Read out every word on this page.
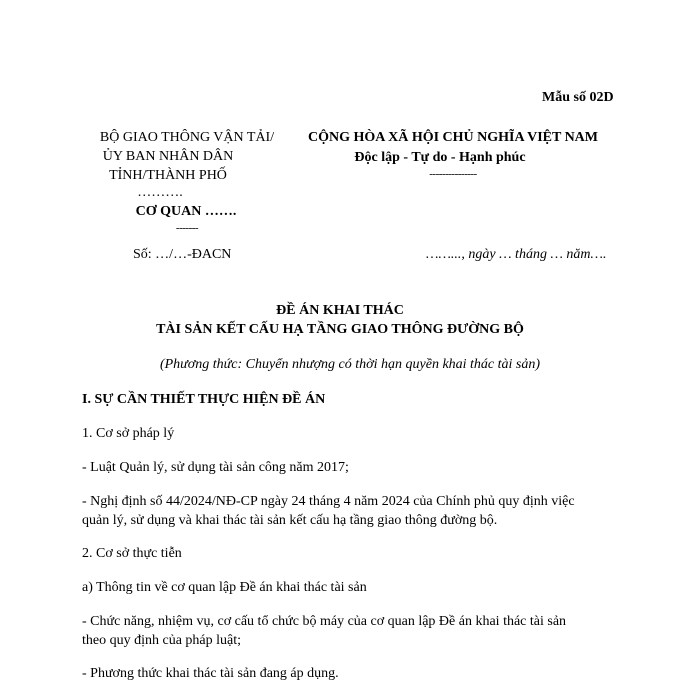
Mẫu số 02D
BỘ GIAO THÔNG VẬN TẢI/
ỦY BAN NHÂN DÂN
TỈNH/THÀNH PHỐ
……….
CƠ QUAN …….
-------
Số: …/…-ĐACN
CỘNG HÒA XÃ HỘI CHỦ NGHĨA VIỆT NAM
Độc lập - Tự do - Hạnh phúc
---------------
……..., ngày … tháng … năm….
ĐỀ ÁN KHAI THÁC
TÀI SẢN KẾT CẤU HẠ TẦNG GIAO THÔNG ĐƯỜNG BỘ
(Phương thức: Chuyển nhượng có thời hạn quyền khai thác tài sản)
I. SỰ CẦN THIẾT THỰC HIỆN ĐỀ ÁN
1. Cơ sở pháp lý
- Luật Quản lý, sử dụng tài sản công năm 2017;
- Nghị định số 44/2024/NĐ-CP ngày 24 tháng 4 năm 2024 của Chính phủ quy định việc
quản lý, sử dụng và khai thác tài sản kết cấu hạ tầng giao thông đường bộ.
2. Cơ sở thực tiễn
a) Thông tin về cơ quan lập Đề án khai thác tài sản
- Chức năng, nhiệm vụ, cơ cấu tổ chức bộ máy của cơ quan lập Đề án khai thác tài sản
theo quy định của pháp luật;
- Phương thức khai thác tài sản đang áp dụng.
